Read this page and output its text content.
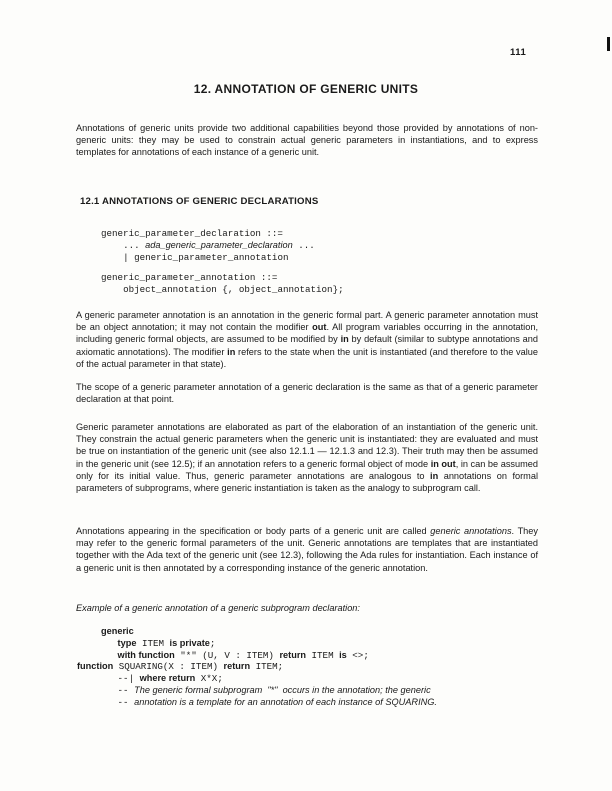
111
12. ANNOTATION OF GENERIC UNITS

Annotations of generic units provide two additional capabilities beyond those provided by annotations of non-generic units: they may be used to constrain actual generic parameters in instantiations, and to express templates for annotations of each instance of a generic unit.

12.1 ANNOTATIONS OF GENERIC DECLARATIONS
generic_parameter_declaration ::=
... ada_generic_parameter_declaration ...
| generic_parameter_annotation
generic_parameter_annotation ::=
object_annotation {, object_annotation};

A generic parameter annotation is an annotation in the generic formal part. A generic parameter annotation must be an object annotation; it may not contain the modifier out. All program variables occurring in the annotation, including generic formal objects, are assumed to be modified by in by default (similar to subtype annotations and axiomatic annotations). The modifier in refers to the state when the unit is instantiated (and therefore to the value of the actual parameter in that state).

The scope of a generic parameter annotation of a generic declaration is the same as that of a generic parameter declaration at that point.

Generic parameter annotations are elaborated as part of the elaboration of an instantiation of the generic unit. They constrain the actual generic parameters when the generic unit is instantiated: they are evaluated and must be true on instantiation of the generic unit (see also 12.1.1 — 12.1.3 and 12.3). Their truth may then be assumed in the generic unit (see 12.5); if an annotation refers to a generic formal object of mode in out, in can be assumed only for its initial value. Thus, generic parameter annotations are analogous to in annotations on formal parameters of subprograms, where generic instantiation is taken as the analogy to subprogram call.

Annotations appearing in the specification or body parts of a generic unit are called generic annotations. They may refer to the generic formal parameters of the unit. Generic annotations are templates that are instantiated together with the Ada text of the generic unit (see 12.3), following the Ada rules for instantiation. Each instance of a generic unit is then annotated by a corresponding instance of the generic annotation.

Example of a generic annotation of a generic subprogram declaration:
generic
type ITEM is private;
with function "*" (U, V : ITEM) return ITEM is <>;
function SQUARING(X : ITEM) return ITEM;
--| where return X*X;
-- The generic formal subprogram  "*"  occurs in the annotation; the generic
-- annotation is a template for an annotation of each instance of SQUARING.
